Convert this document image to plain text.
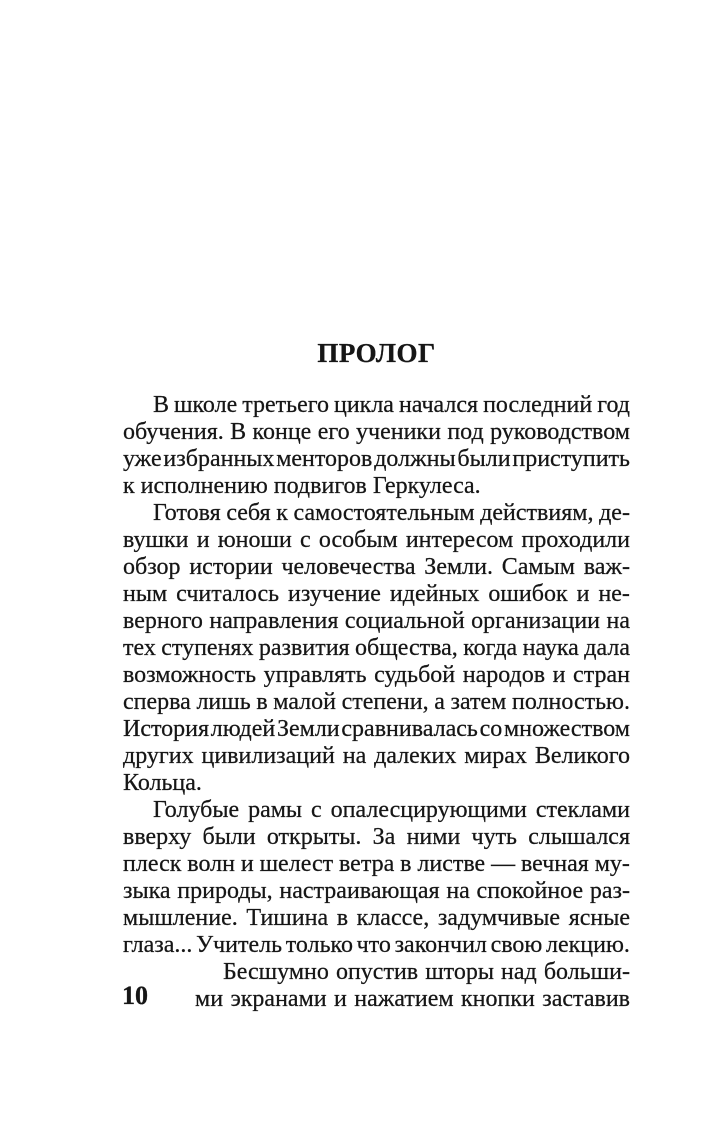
ПРОЛОГ
В школе третьего цикла начался последний год
обучения. В конце его ученики под руководством
уже избранных менторов должны были приступить
к исполнению подвигов Геркулеса.
Готовя себя к самостоятельным действиям, де-
вушки и юноши с особым интересом проходили
обзор истории человечества Земли. Самым важ-
ным считалось изучение идейных ошибок и не-
верного направления социальной организации на
тех ступенях развития общества, когда наука дала
возможность управлять судьбой народов и стран
сперва лишь в малой степени, а затем полностью.
История людей Земли сравнивалась со множеством
других цивилизаций на далеких мирах Великого
Кольца.
Голубые рамы с опалесцирующими стеклами
вверху были открыты. За ними чуть слышался
плеск волн и шелест ветра в листве — вечная му-
зыка природы, настраивающая на спокойное раз-
мышление. Тишина в классе, задумчивые ясные
глаза... Учитель только что закончил свою лекцию.
Бесшумно опустив шторы над больши-
ми экранами и нажатием кнопки заставив
10
